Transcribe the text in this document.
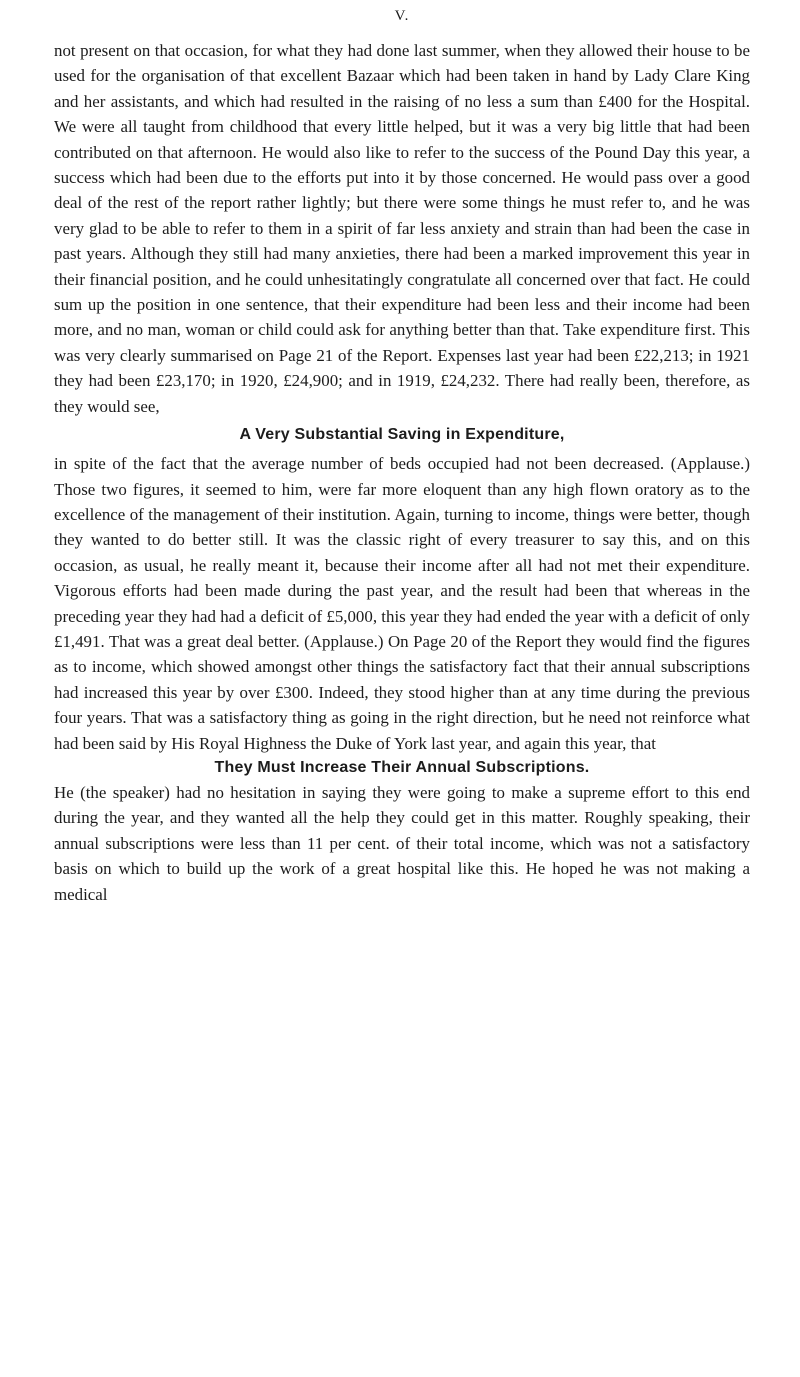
V.

not present on that occasion, for what they had done last summer, when they allowed their house to be used for the organisation of that excellent Bazaar which had been taken in hand by Lady Clare King and her assistants, and which had resulted in the raising of no less a sum than £400 for the Hospital. We were all taught from childhood that every little helped, but it was a very big little that had been contributed on that afternoon. He would also like to refer to the success of the Pound Day this year, a success which had been due to the efforts put into it by those concerned. He would pass over a good deal of the rest of the report rather lightly; but there were some things he must refer to, and he was very glad to be able to refer to them in a spirit of far less anxiety and strain than had been the case in past years. Although they still had many anxieties, there had been a marked improvement this year in their financial position, and he could unhesitatingly congratulate all concerned over that fact. He could sum up the position in one sentence, that their expenditure had been less and their income had been more, and no man, woman or child could ask for anything better than that. Take expenditure first. This was very clearly summarised on Page 21 of the Report. Expenses last year had been £22,213; in 1921 they had been £23,170; in 1920, £24,900; and in 1919, £24,232. There had really been, therefore, as they would see,

A Very Substantial Saving in Expenditure,

in spite of the fact that the average number of beds occupied had not been decreased. (Applause.) Those two figures, it seemed to him, were far more eloquent than any high flown oratory as to the excellence of the management of their institution. Again, turning to income, things were better, though they wanted to do better still. It was the classic right of every treasurer to say this, and on this occasion, as usual, he really meant it, because their income after all had not met their expenditure. Vigorous efforts had been made during the past year, and the result had been that whereas in the preceding year they had had a deficit of £5,000, this year they had ended the year with a deficit of only £1,491. That was a great deal better. (Applause.) On Page 20 of the Report they would find the figures as to income, which showed amongst other things the satisfactory fact that their annual subscriptions had increased this year by over £300. Indeed, they stood higher than at any time during the previous four years. That was a satisfactory thing as going in the right direction, but he need not reinforce what had been said by His Royal Highness the Duke of York last year, and again this year, that

They Must Increase Their Annual Subscriptions.

He (the speaker) had no hesitation in saying they were going to make a supreme effort to this end during the year, and they wanted all the help they could get in this matter. Roughly speaking, their annual subscriptions were less than 11 per cent. of their total income, which was not a satisfactory basis on which to build up the work of a great hospital like this. He hoped he was not making a medical
